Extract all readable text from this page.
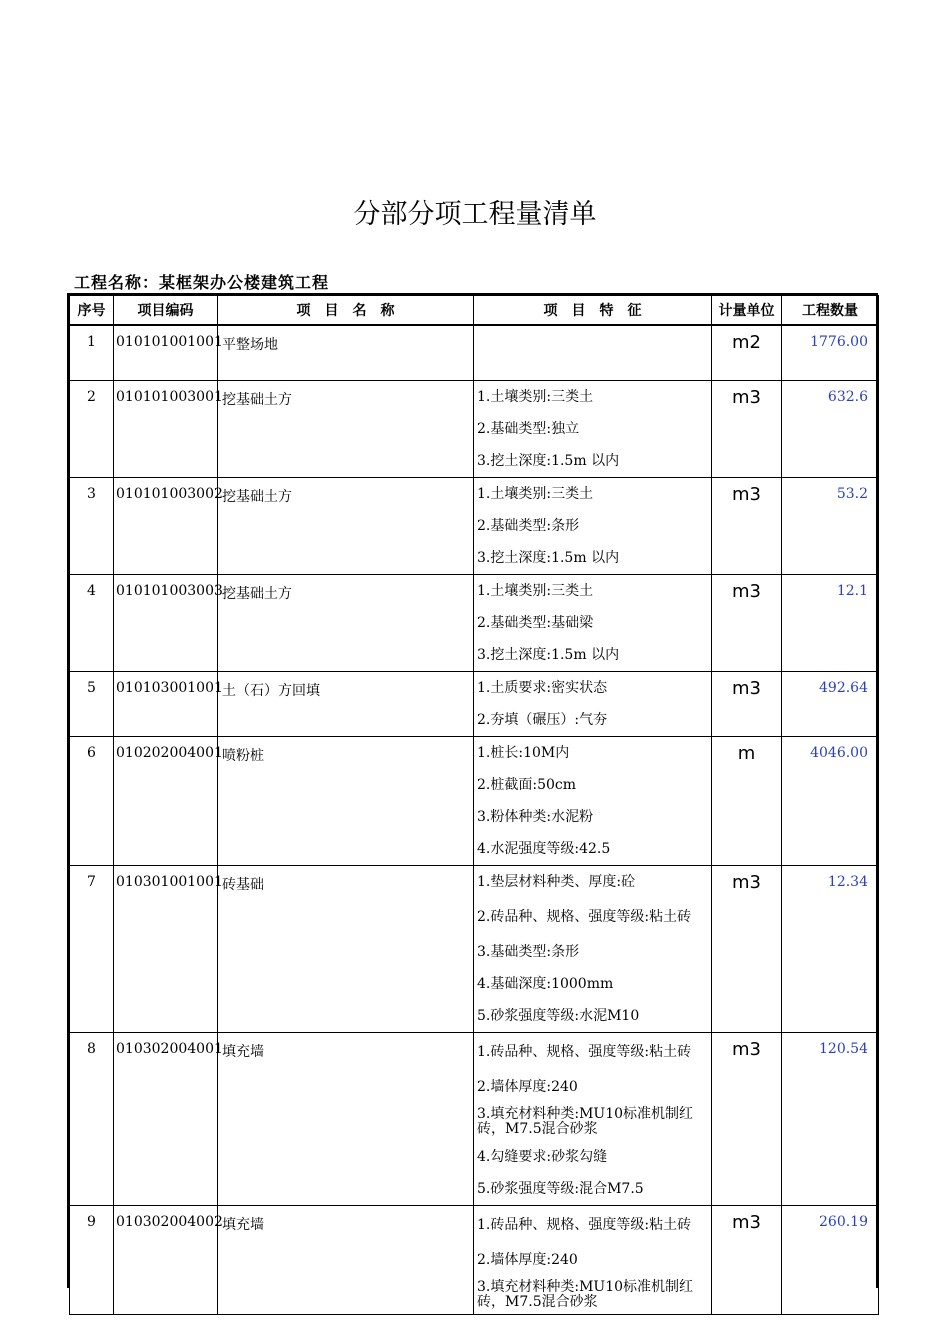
分部分项工程量清单
工程名称：某框架办公楼建筑工程
序号	项目编码	项　目　名　称	项　目　特　征	计量单位	工程数量
1	010101001001	平整场地		m2	1776.00
2	010101003001	挖基础土方	1.土壤类别:三类土
2.基础类型:独立
3.挖土深度:1.5m 以内	m3	632.6
3	010101003002	挖基础土方	1.土壤类别:三类土
2.基础类型:条形
3.挖土深度:1.5m 以内	m3	53.2
4	010101003003	挖基础土方	1.土壤类别:三类土
2.基础类型:基础梁
3.挖土深度:1.5m 以内	m3	12.1
5	010103001001	土（石）方回填	1.土质要求:密实状态
2.夯填（碾压）:气夯	m3	492.64
6	010202004001	喷粉桩	1.桩长:10M内
2.桩截面:50cm
3.粉体种类:水泥粉
4.水泥强度等级:42.5	m	4046.00
7	010301001001	砖基础	1.垫层材料种类、厚度:砼
2.砖品种、规格、强度等级:粘土砖
3.基础类型:条形
4.基础深度:1000mm
5.砂浆强度等级:水泥M10	m3	12.34
8	010302004001	填充墙	1.砖品种、规格、强度等级:粘土砖
2.墙体厚度:240
3.填充材料种类:MU10标准机制红砖，M7.5混合砂浆
4.勾缝要求:砂浆勾缝
5.砂浆强度等级:混合M7.5	m3	120.54
9	010302004002	填充墙	1.砖品种、规格、强度等级:粘土砖
2.墙体厚度:240
3.填充材料种类:MU10标准机制红砖，M7.5混合砂浆	m3	260.19
